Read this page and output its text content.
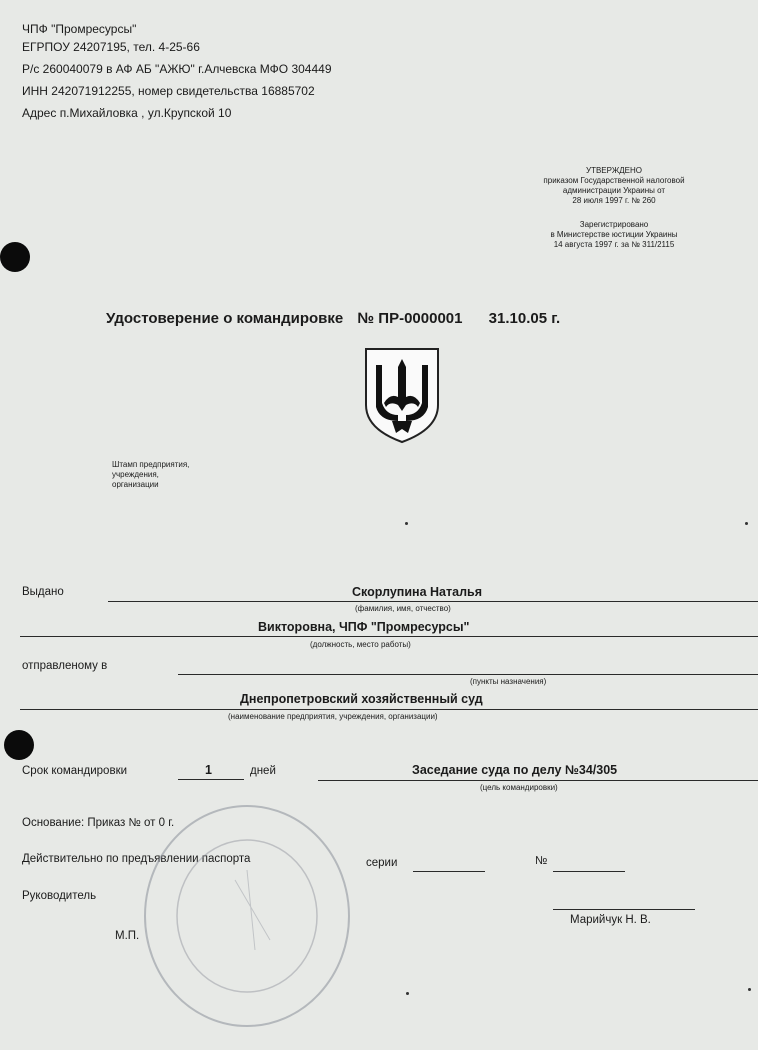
ЧПФ "Промресурсы"
ЕГРПОУ 24207195, тел. 4-25-66
Р/с 260040079 в АФ АБ "АЖЮ" г.Алчевска МФО 304449
ИНН 242071912255, номер свидетельства 16885702
Адрес п.Михайловка , ул.Крупской 10
УТВЕРЖДЕНО
приказом Государственной налоговой
администрации Украины от
28 июля 1997 г. № 260
Зарегистрировано
в Министерстве юстиции Украины
14 августа 1997 г. за № 311/2115
Удостоверение о командировке № ПР-0000001 31.10.05 г.
Штамп предприятия,
учреждения,
организации
Выдано	Скорлупина Наталья
(фамилия, имя, отчество)
Викторовна, ЧПФ "Промресурсы"
(должность, место работы)
отправленому в
(пункты назначения)
Днепропетровский хозяйственный суд
(наименование предприятия, учреждения, организации)
Срок командировки	1	дней	Заседание суда по делу №34/305
(цель командировки)
Основание: Приказ № от 0 г.
Действительно по предъявлении паспорта	серии	№
Руководитель
Марийчук Н. В.
М.П.
